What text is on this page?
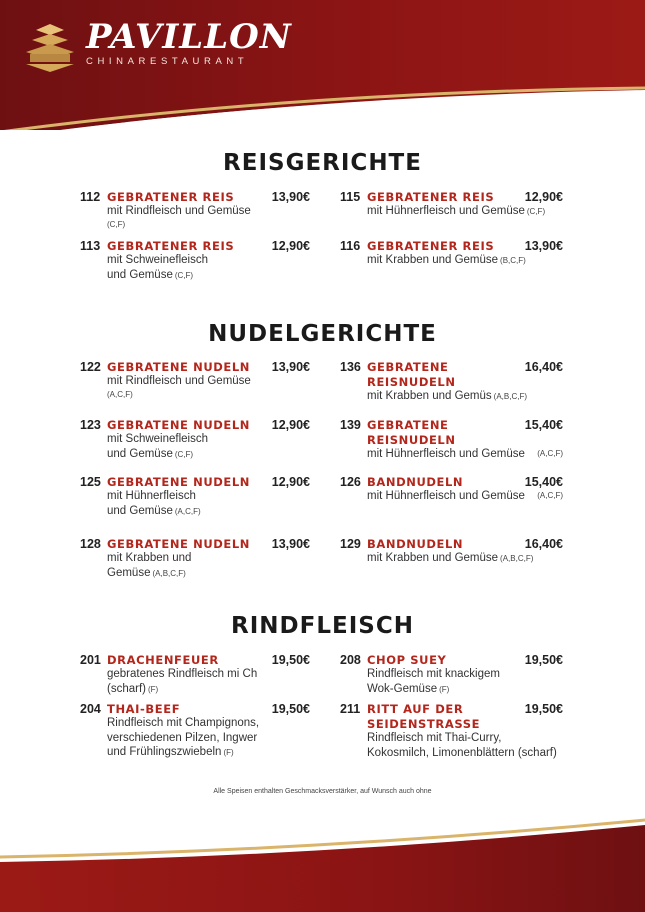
PAVILLON
CHINARESTAURANT
REISGERICHTE
NUDELGERICHTE
RINDFLEISCH
112 GEBRATENER REIS	13,90€
mit Rindfleisch und Gemüse
(C,F)
113 GEBRATENER REIS	12,90€
mit Schweinefleisch
und Gemüse (C,F)
115 GEBRATENER REIS 12,90€
mit Hühnerfleisch und Gemüse (C,F)
116 GEBRATENER REIS 13,90€
mit Krabben und Gemüse (B,C,F)
122 GEBRATENE NUDELN 13,90€
mit Rindfleisch und Gemüse
(A,C,F)
123 GEBRATENE NUDELN 12,90€
mit Schweinefleisch
und Gemüse (C,F)
125 GEBRATENE NUDELN 12,90€
mit Hühnerfleisch
und Gemüse (A,C,F)
128 GEBRATENE NUDELN 13,90€
mit Krabben und
Gemüse (A,B,C,F)
136 GEBRATENE
REISNUDELN
16,40€
mit Krabben und Gemüs (A,B,C,F)
139 GEBRATENE
REISNUDELN
15,40€
mit Hühnerfleisch und Gemüse (A,C,F)
126 BANDNUDELN	15,40€
mit Hühnerfleisch und Gemüse (A,C,F)
129 BANDNUDELN	16,40€
mit Krabben und Gemüse (A,B,C,F)
201 DRACHENFEUER	19,50€
gebratenes Rindfleisch mi Ch
(scharf) (F)
204 THAI-BEEF	19,50€
Rindfleisch mit Champignons,
verschiedenen Pilzen, Ingwer
und Frühlingszwiebeln (F)
208 CHOP SUEY	19,50€
Rindfleisch mit knackigem
Wok-Gemüse (F)
211 RITT AUF DER
SEIDENSTRASSE
19,50€
Rindfleisch mit Thai-Curry,
Kokosmilch, Limonenblättern (scharf)
Alle Speisen enthalten Geschmacksverstärker, auf Wunsch auch ohne
